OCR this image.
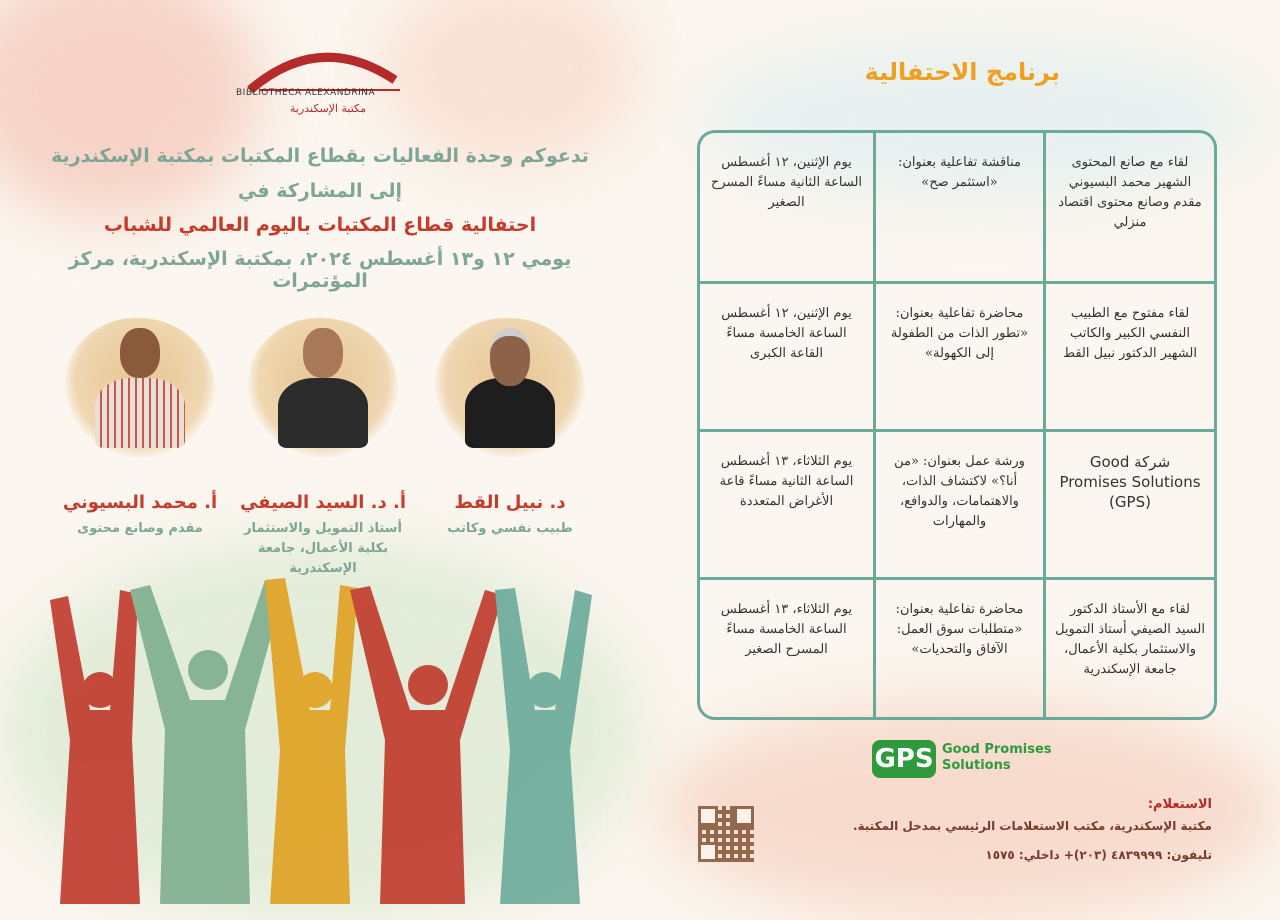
BIBLIOTHECA ALEXANDRINA
مكتبة الإسكندرية
تدعوكم وحدة الفعاليات بقطاع المكتبات بمكتبة الإسكندرية
إلى المشاركة في
احتفالية قطاع المكتبات باليوم العالمي للشباب
يومي ١٢ و١٣ أغسطس ٢٠٢٤، بمكتبة الإسكندرية، مركز المؤتمرات
أ. محمد البسيوني
مقدم وصانع محتوى
أ. د. السيد الصيفي
أستاذ التمويل والاستثمار بكلية الأعمال، جامعة الإسكندرية
د. نبيل القط
طبيب نفسي وكاتب
برنامج الاحتفالية
لقاء مع صانع المحتوى الشهير محمد البسيوني مقدم وصانع محتوى اقتصاد منزلي
مناقشة تفاعلية بعنوان: «استثمر صح»
يوم الإثنين، ١٢ أغسطس الساعة الثانية مساءً المسرح الصغير
لقاء مفتوح مع الطبيب النفسي الكبير والكاتب الشهير الدكتور نبيل القط
محاضرة تفاعلية بعنوان: «تطور الذات من الطفولة إلى الكهولة»
يوم الإثنين، ١٢ أغسطس الساعة الخامسة مساءً القاعة الكبرى
شركة Good Promises Solutions (GPS)
ورشة عمل بعنوان: «من أنا؟» لاكتشاف الذات، والاهتمامات، والدوافع، والمهارات
يوم الثلاثاء، ١٣ أغسطس الساعة الثانية مساءً قاعة الأغراض المتعددة
لقاء مع الأستاذ الدكتور السيد الصيفي أستاذ التمويل والاستثمار بكلية الأعمال، جامعة الإسكندرية
محاضرة تفاعلية بعنوان: «متطلبات سوق العمل: الآفاق والتحديات»
يوم الثلاثاء، ١٣ أغسطس الساعة الخامسة مساءً المسرح الصغير
GPS Good Promises
Solutions
الاستعلام:
مكتبة الإسكندرية، مكتب الاستعلامات الرئيسي بمدخل المكتبة.
تليفون: ٤٨٣٩٩٩٩ (٢٠٣)+ داخلي: ١٥٧٥
